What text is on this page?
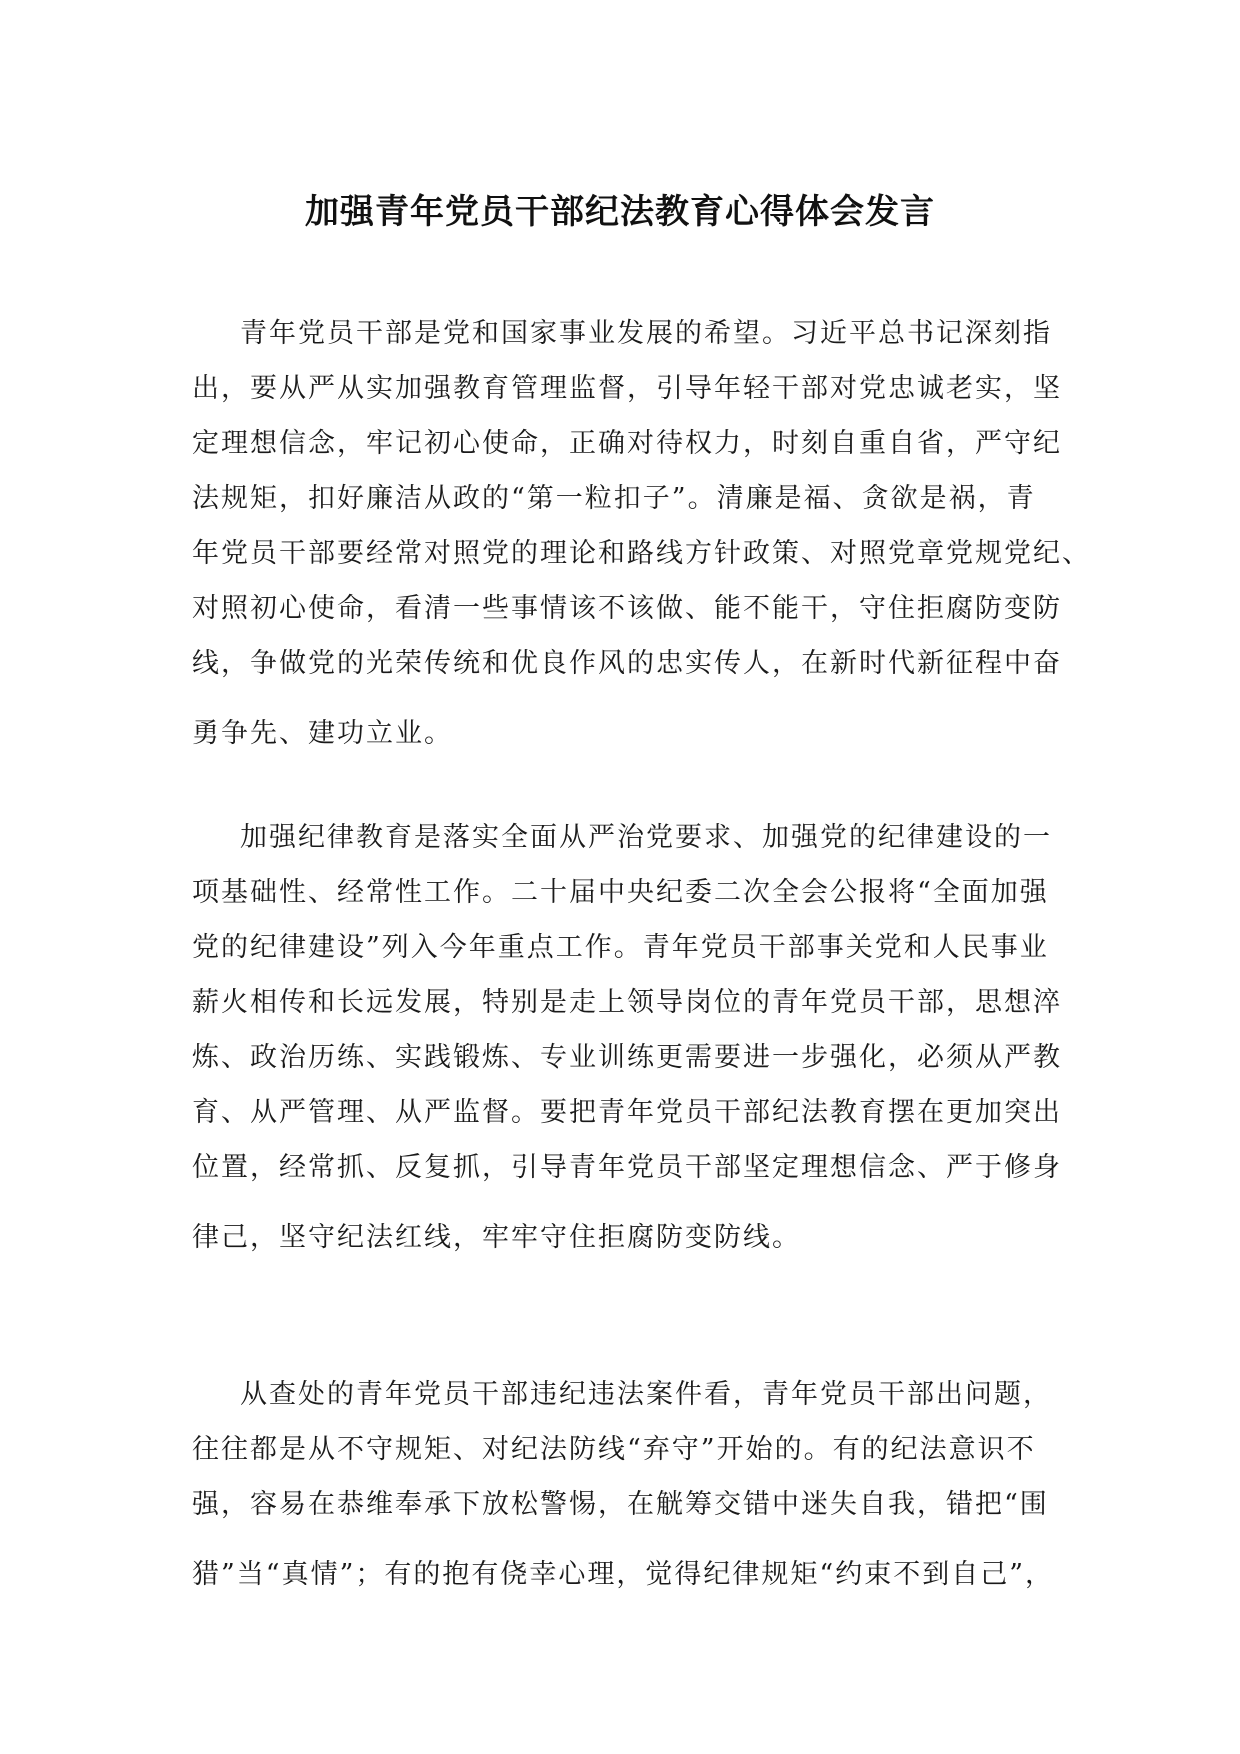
加强青年党员干部纪法教育心得体会发言
青年党员干部是党和国家事业发展的希望。习近平总书记深刻指
出，要从严从实加强教育管理监督，引导年轻干部对党忠诚老实，坚
定理想信念，牢记初心使命，正确对待权力，时刻自重自省，严守纪
法规矩，扣好廉洁从政的“第一粒扣子”。清廉是福、贪欲是祸，青
年党员干部要经常对照党的理论和路线方针政策、对照党章党规党纪、
对照初心使命，看清一些事情该不该做、能不能干，守住拒腐防变防
线，争做党的光荣传统和优良作风的忠实传人，在新时代新征程中奋
勇争先、建功立业。
加强纪律教育是落实全面从严治党要求、加强党的纪律建设的一
项基础性、经常性工作。二十届中央纪委二次全会公报将“全面加强
党的纪律建设”列入今年重点工作。青年党员干部事关党和人民事业
薪火相传和长远发展，特别是走上领导岗位的青年党员干部，思想淬
炼、政治历练、实践锻炼、专业训练更需要进一步强化，必须从严教
育、从严管理、从严监督。要把青年党员干部纪法教育摆在更加突出
位置，经常抓、反复抓，引导青年党员干部坚定理想信念、严于修身
律己，坚守纪法红线，牢牢守住拒腐防变防线。
从查处的青年党员干部违纪违法案件看，青年党员干部出问题，
往往都是从不守规矩、对纪法防线“弃守”开始的。有的纪法意识不
强，容易在恭维奉承下放松警惕，在觥筹交错中迷失自我，错把“围
猎”当“真情”；有的抱有侥幸心理，觉得纪律规矩“约束不到自己”，
